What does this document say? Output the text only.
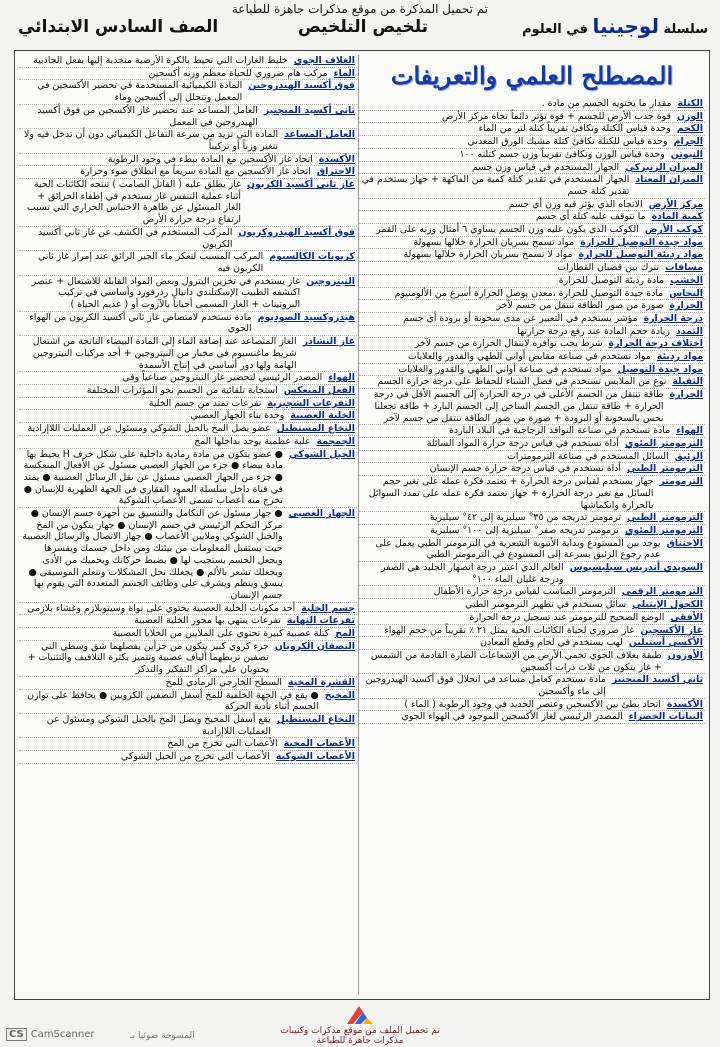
تم تحميل المذكرة من موقع مذكرات جاهزة للطباعة
سلسلة لوجينيا في العلوم
تلخيص التلخيص
الصف السادس الابتدائي
المصطلح العلمي والتعريفات
الكتلة
مقدار ما يحتويه الجسم من مادة .
الوزن
قوة جذب الأرض للجسم + قوة تؤثر دائماً تجاه مركز الأرض
الكجم
وحدة قياس الكتلة وتكافئ تقريباً كتلة لتر من الماء
الجرام
وحدة قياس للكتلة تكافئ كتلة مشبك الورق المعدني
النيوتن
وحدة قياس الوزن وتكافئ تقريباً وزن جسم كتلته ١٠٠
الميزان الزنبركي
الجهاز المستخدم في قياس وزن جسم
الميزان المعتاد
الجهاز المستخدم في تقدير كتلة كمية من الفاكهة + جهاز يستخدم في تقدير كتلة جسم
مركز الأرض
الاتجاه الذي يؤثر فيه وزن أي جسم
كمية المادة
ما تتوقف عليه كتلة أي جسم
كوكب الأرض
الكوكب الذي يكون عليه وزن الجسم يساوي ٦ أمثال وزنه على القمر
مواد جيدة التوصيل للحرارة
مواد تسمح بسريان الحرارة خلالها بسهولة
مواد رديئة التوصيل للحرارة
مواد لا تسمح بسريان الحرارة خلالها بسهولة
مسافات
تترك بين قضبان القطارات
الخشب
مادة رديئة التوصيل للحرارة
النحاس
مادة جيدة التوصيل للحرارة ،معدن يوصل الحرارة أسرع من الألومنيوم
الحرارة
صورة من صور الطاقة تنتقل من جسم لآخر
درجة الحرارة
مؤشر يستخدم في التعبير عن مدى سخونة أو برودة أي جسم
التمدد
زيادة حجم المادة عند رفع درجة حرارتها
اختلاف درجة الحرارة
شرط يجب توافره لانتقال الحرارة من جسم لآخر
مواد رديئة
مواد تستخدم في صناعة مقابض أواني الطهي والقدور والغلايات
مواد جيدة التوصيل
مواد تستخدم في صناعة أواني الطهي والقدور والغلايات
الثقيلة
نوع من الملابس تستخدم في فصل الشتاء للحفاظ على درجة حرارة الجسم
الحرارة
طاقة تنتقل من الجسم الأعلى في درجة الحرارة إلى الجسم الأقل في درجة الحرارة + طاقة تنتقل من الجسم الساخن إلى الجسم البارد + طاقة تجعلنا نحس بالسخونة أو البرودة + صورة من صور الطاقة تنتقل من جسم لآخر
الهواء
مادة تستخدم في صناعة النوافذ الزجاجية في البلاد الباردة
الترمومتر المئوي
أداة تستخدم في قياس درجة حرارة المواد السائلة
الزئبق
السائل المستخدم في صناعة الترمومترات
الترمومتر الطبي
أداة تستخدم في قياس درجة حرارة جسم الإنسان
الترمومتر
جهاز يستخدم لقياس درجة الحرارة + تعتمد فكرة عمله على تغير حجم السائل مع تغير درجة الحرارة + جهاز تعتمد فكرة عمله على تمدد السوائل بالحرارة وانكماشها
الترمومتر الطبي
ترمومتر تدريجه من ٣٥° سيليزية إلى ٤٢° سيليزية
الترمومتر المئوي
ترمومتر تدريجه صفر° سيليزية إلى ١٠٠° سيليزية
الاختناق
يوجد بين المستودع وبداية الأنبوبة الشعرية في الترمومتر الطبي يعمل على عدم رجوع الزئبق بسرعة إلى المستودع في الترمومتر الطبي
السويدي أندريس سيليسيوس
العالم الذي اعتبر درجة انصهار الجليد هي الصفر ودرجة غليان الماء ١٠٠°
الترمومتر الرقمي
الترمومتر المناسب لقياس درجة حرارة الأطفال
الكحول الإيثيلي
سائل يستخدم في تطهير الترمومتر الطبي
الأفقي
الوضع الصحيح للترمومتر عند تسجيل درجة الحرارة
غاز الأكسجين
غاز ضروري لحياة الكائنات الحية يمثل ٢١ ٪ تقريباً من حجم الهواء
الأكسي أستيلين
لهب يستخدم في لحام وقطع المعادن
الأوزون
طبقة بغلاف الجوي تحمي الأرض من الإشعاعات الضارة القادمة من الشمس + غاز يتكون من ثلاث ذرات أكسجين
ثاني أكسيد المنجنيز
مادة تستخدم كعامل مساعد في انحلال فوق أكسيد الهيدروجين إلى ماء وأكسجين
الأكسدة
اتحاد بطئ بين الأكسجين وعنصر الحديد في وجود الرطوبة ( الماء )
النباتات الخضراء
المصدر الرئيسي لغاز الأكسجين الموجود في الهواء الجوي
الغلاف الجوي
خليط الغازات التي تحيط بالكرة الأرضية منجذبة إليها بفعل الجاذبية
الماء
مركب هام ضروري للحياة معظم وزنه أكسجين
فوق أكسيد الهيدروجين
المادة الكيميائية المستخدمة في تحضير الأكسجين في المعمل وتتحلل إلى أكسجين وماء
ثاني أكسيد المنجنيز
العامل المساعد عند تحضير غاز الأكسجين من فوق أكسيد الهيدروجين في المعمل
العامل المساعد
المادة التي تزيد من سرعة التفاعل الكيميائي دون أن تدخل فيه ولا تتغير وزناً أو تركيباً
الأكسدة
اتحاد غاز الأكسجين مع المادة ببطء في وجود الرطوبة
الاحتراق
اتحاد غاز الأكسجين مع المادة سريعاً مع انطلاق ضوء وحرارة
غاز ثاني أكسيد الكربون
غاز يطلق عليه ( القاتل الصامت ) تنتجه الكائنات الحية أثناء عملية التنفس غاز يستخدم في إطفاء الحرائق + الغاز المسئول عن ظاهرة الاحتباس الحراري التي تسبب ارتفاع درجة حرارة الأرض
فوق أكسيد الهيدروكربون
المركب المستخدم في الكشف عن غاز ثاني أكسيد الكربون
كربونات الكالسيوم
المركب المسبب لتعكر ماء الجير الرائق عند إمرار غاز ثاني الكربون فيه
النيتروجين
غاز يستخدم في تخزين البترول وبعض المواد القابلة للاشتعال + عنصر اكتشفه الطبيب الإسكتلندي دانيال رذرفورد وأساسي في تركيب البروتينات + الغاز المسمى أحياناً بالآزوت أو ( عديم الحياة )
هيدروكسيد الصوديوم
مادة تستخدم لامتصاص غاز ثاني أكسيد الكربون من الهواء الجوي
غاز النشادر
الغاز المتصاعد عند إضافة الماء إلى المادة البيضاء الناتجة من اشتعال شريط ماغنسيوم في مخبار من النيتروجين + أحد مركبات النيتروجين الهامة ولها دور أساسي في إنتاج الأسمدة
الهواء
المصدر الرئيسي لتحضير غاز النيتروجين صناعياً وفي
الفعل المنعكس
استجابة تلقائية من الجسم نحو المؤثرات المختلفة
التفرعات الشجيرية
تفرعات تمتد من جسم الخلية
الخلية العصبية
وحدة بناء الجهاز العصبي
النخاع المستطيل
عضو يصل المخ بالحبل الشوكي ومسئول عن العمليات اللاإرادية
الجمجمة
علبة عظمية يوجد بداخلها المخ
الحبل الشوكي
● عضو يتكون من مادة رمادية داخلية على شكل حرف H يحيط بها مادة بيضاء ● جزء من الجهاز العصبي مسئول عن الأفعال المنعكسة ● جزء من الجهاز العصبي مسئول عن نقل الرسائل العصبية ● يمتد في قناة داخل سلسلة العمود الفقاري في الجهة الظهرية للإنسان ● تخرج منه أعصاب تسمى الأعصاب الشوكية
الجهاز العصبي
● جهاز مسئول عن التكامل والتنسيق بين أجهزة جسم الإنسان ● مركز التحكم الرئيسي في جسم الإنسان ● جهاز يتكون من المخ والحبل الشوكي وملايين الأعصاب ● جهاز الاتصال والرسائل العصبية حيث يستقبل المعلومات من بيئتك ومن داخل جسمك ويفسرها ويجعل الجسم يستجيب لها ● يضبط حركاتك ويحميك من الأذى ويجعلك تشعر بالألم ● يجعلك تحل المشكلات وتتعلم الموسيقى ● ينسق وينظم ويشرف على وظائف الجسم المتعددة التي يقوم بها جسم الإنسان
جسم الخلية
أحد مكونات الخلية العصبية يحتوي على نواة وسيتوبلازم وغشاء بلازمي
تفرعات النهاية
تفرعات ينتهي بها محور الخلية العصبية
المخ
كتلة عصبية كبيرة تحتوي على الملايين من الخلايا العصبية
النصفان الكرويان
جزء كروي كبير يتكون من جزأين يفصلهما شق وسطي التي تصفين تربطهما ألياف عصبية وتتميز بكثرة التلافيف والتثنيات + يحتويان على مراكز التفكير والتذكر
القشرة المخية
السطح الخارجي الرمادي للمخ
المخيخ
● يقع في الجهة الخلفية للمخ أسفل التصفين الكرويين ● يحافظ على توازن الجسم أثناء تأدية الحركة
النخاع المستطيل
يقع أسفل المخيخ ويصل المخ بالحبل الشوكي ومسئول عن العمليات اللاإرادية
الأعصاب المخية
الأعصاب التي تخرج من المخ
الأعصاب الشوكية
الأعصاب التي تخرج من الحبل الشوكي
تم تحميل الملف من موقع مذكرات وكتيبات
مذكرات جاهزة للطباعة
CS CamScanner	المسوحة ضوئيا بـ
